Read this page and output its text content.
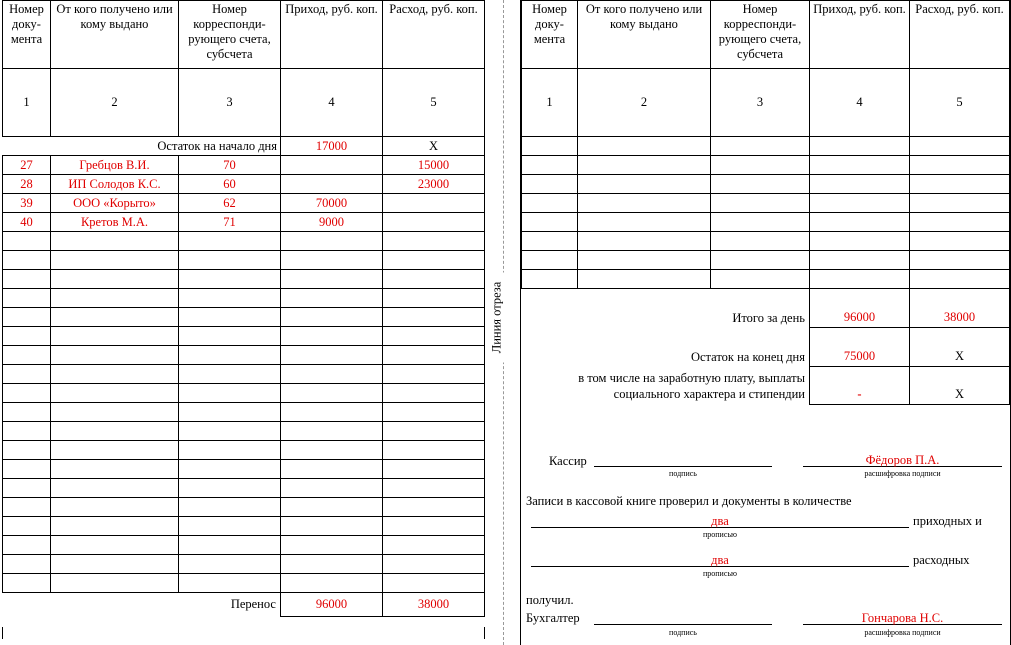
Номер доку-мента	От кого получено или кому выдано	Номер корреспонди-рующего счета, субсчета	Приход, руб. коп.	Расход, руб. коп.
1	2	3	4	5
Остаток на начало дня			17000	Х
27	Гребцов В.И.	70		15000
28	ИП Солодов К.С.	60		23000
39	ООО «Корыто»	62	70000	
40	Кретов М.А.	71	9000	

		Перенос	96000	38000
Линия отреза
Номер доку-мента	От кого получено или кому выдано	Номер корреспонди-рующего счета, субсчета	Приход, руб. коп.	Расход, руб. коп.
1	2	3	4	5

Итого за день			96000	38000
Остаток на конец дня			75000	Х

в том числе на заработную плату, выплаты
социального характера и стипендии			-	Х
Кассир
подпись
Фёдоров П.А.
расшифровка подписи
Записи в кассовой книге проверил и документы в количестве
два
прописью
приходных и
два
прописью
расходных
получил.
Бухгалтер
подпись
Гончарова Н.С.
расшифровка подписи
